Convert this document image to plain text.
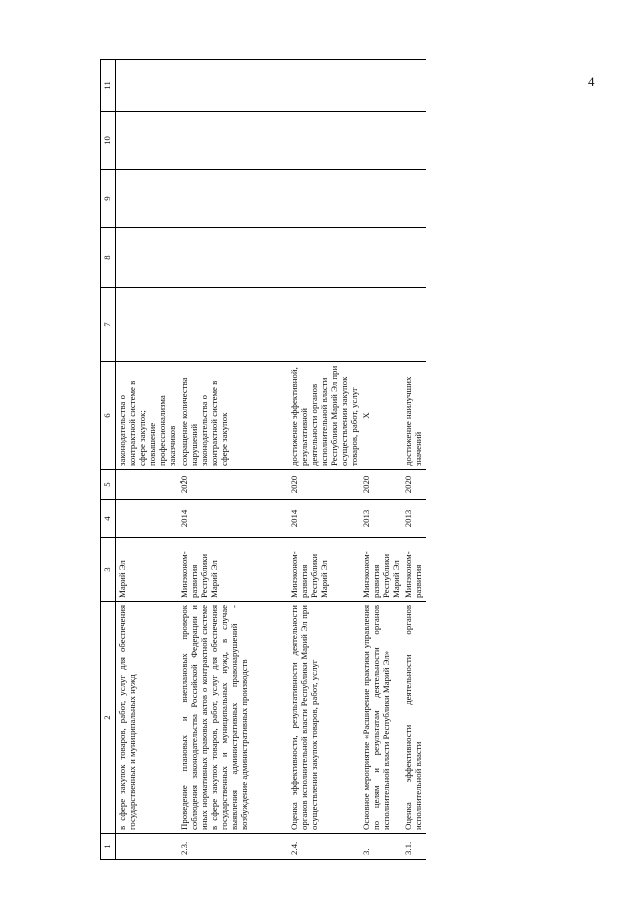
4
1	2	3	4	5	6	7	8	9	10	11
	в сфере закупок товаров, работ, услуг для обеспечения государственных и муниципальных нужд	Марий Эл			законодательства о контрактной системе в сфере закупок; повышение профессионализма заказчиков					
2.3.	Проведение плановых и внеплановых проверок соблюдения законодательства Российской Федерации и иных нормативных правовых актов о контрактной системе в сфере закупок товаров, работ, услуг для обеспечения государственных и муниципальных нужд, в случае выявления административных правонарушений - возбуждение административных производств	Минэконом-развития Республики Марий Эл	2014	2020	сокращение количества нарушений законодательства о контрактной системе в сфере закупок					
2.4.	Оценка эффективности, результативности деятельности органов исполнительной власти Республики Марий Эл при осуществлении закупок товаров, работ, услуг	Минэконом-развития Республики Марий Эл	2014	2020	достижение эффективной, результативной деятельности органов исполнительной власти Республики Марий Эл при осуществлении закупок товаров, работ, услуг					
3.	Основное мероприятие «Расширение практики управления по целям и результатам деятельности органов исполнительной власти Республики Марий Эл»	Минэконом-развития Республики Марий Эл	2013	2020	Х					
3.1.	Оценка эффективности деятельности органов исполнительной власти	Минэконом-развития	2013	2020	достижение наилучших значений					
